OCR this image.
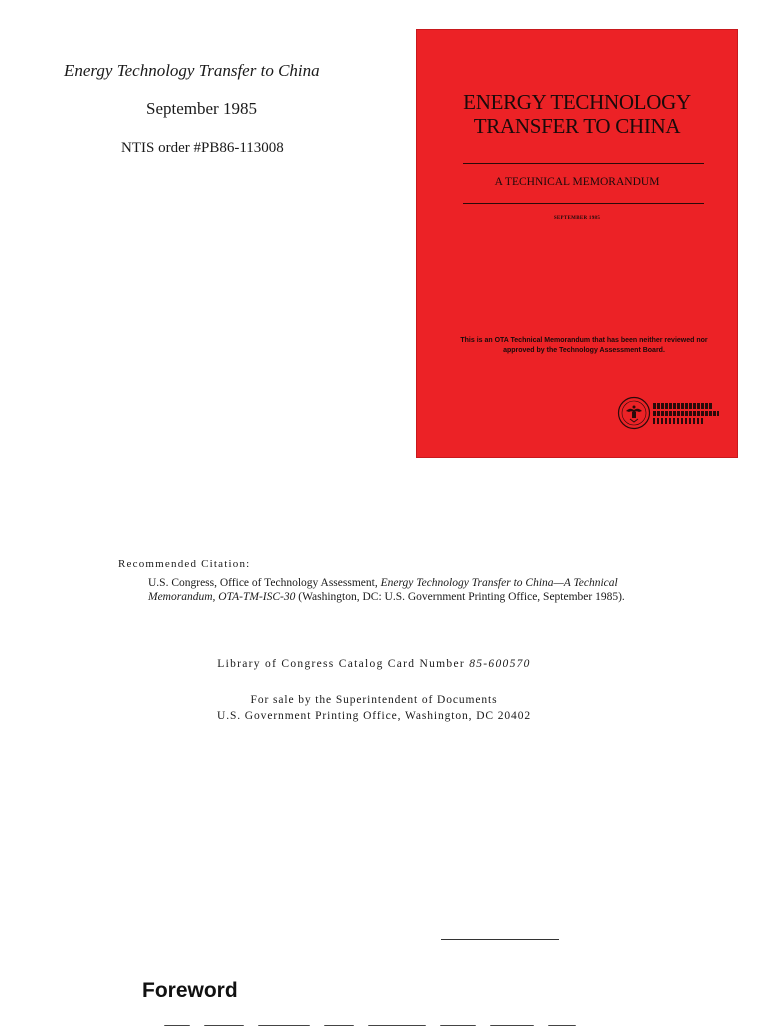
Energy Technology Transfer to China
September 1985
NTIS order #PB86-113008
ENERGY TECHNOLOGY
TRANSFER TO CHINA
A TECHNICAL MEMORANDUM
SEPTEMBER 1985
This is an OTA Technical Memorandum that has been neither reviewed nor approved by the Technology Assessment Board.
Recommended Citation:
U.S. Congress, Office of Technology Assessment, Energy Technology Transfer to China—A Technical Memorandum, OTA-TM-ISC-30 (Washington, DC: U.S. Government Printing Office, September 1985).
Library of Congress Catalog Card Number 85-600570
For sale by the Superintendent of Documents
U.S. Government Printing Office, Washington, DC 20402
Foreword
